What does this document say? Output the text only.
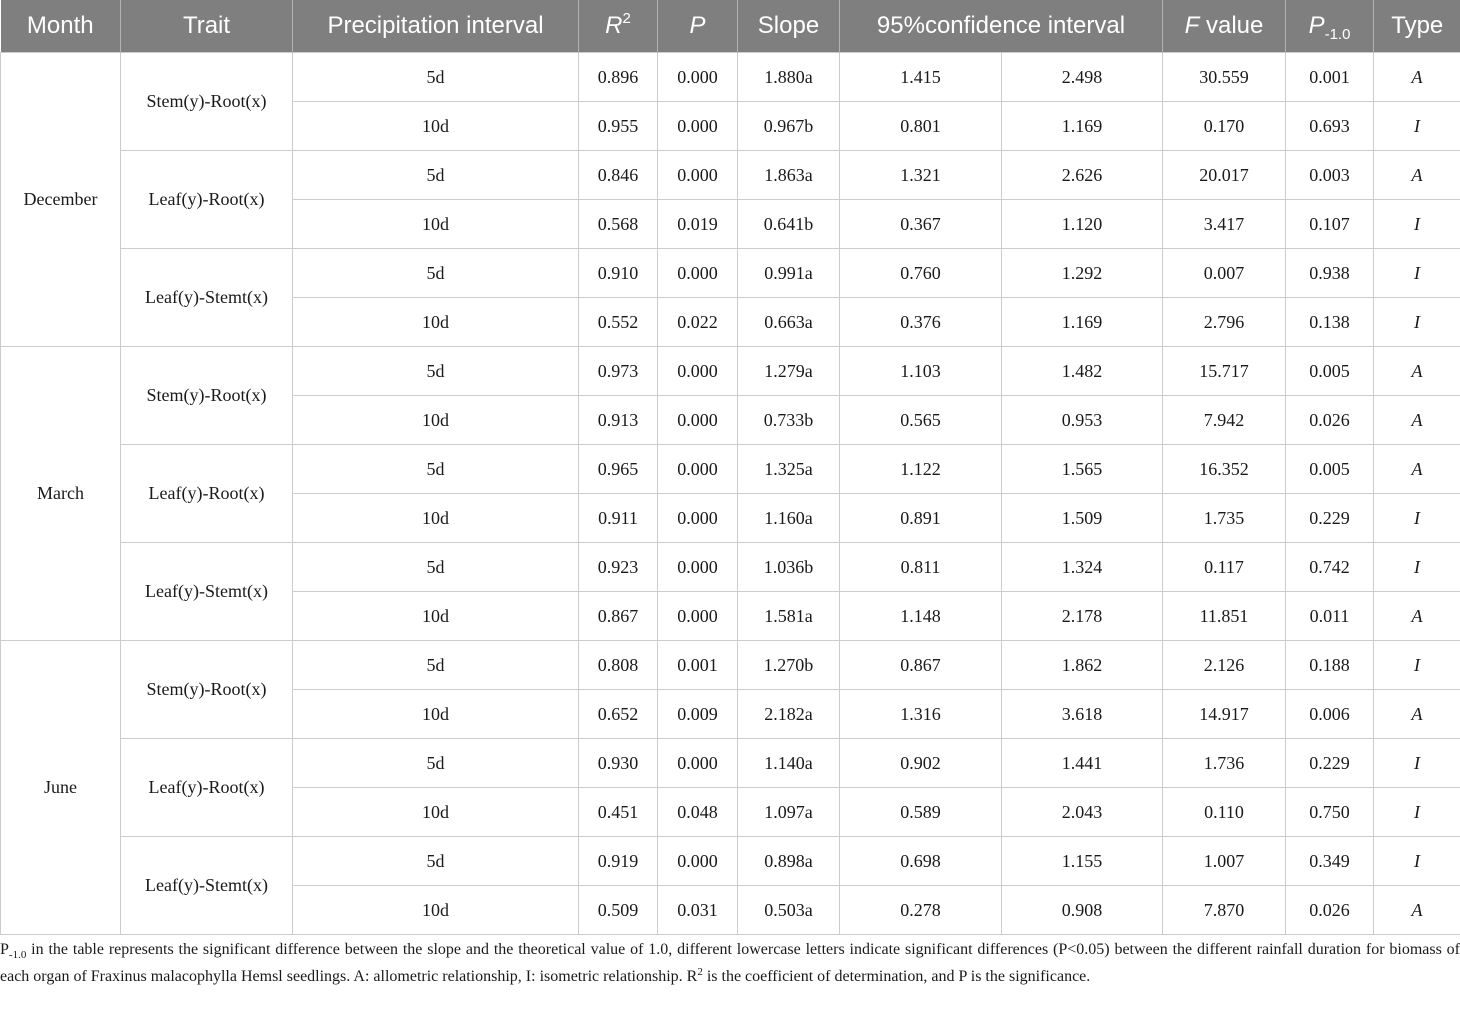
Month	Trait	Precipitation interval	$R^2$	P	Slope	95%confidence interval		F value	$P_{-1.0}$	Type
December	Stem(y)-Root(x)	5d	0.896	0.000	1.880a	1.415	2.498	30.559	0.001	A
		10d	0.955	0.000	0.967b	0.801	1.169	0.170	0.693	I
	Leaf(y)-Root(x)	5d	0.846	0.000	1.863a	1.321	2.626	20.017	0.003	A
		10d	0.568	0.019	0.641b	0.367	1.120	3.417	0.107	I
	Leaf(y)-Stemt(x)	5d	0.910	0.000	0.991a	0.760	1.292	0.007	0.938	I
		10d	0.552	0.022	0.663a	0.376	1.169	2.796	0.138	I
March	Stem(y)-Root(x)	5d	0.973	0.000	1.279a	1.103	1.482	15.717	0.005	A
		10d	0.913	0.000	0.733b	0.565	0.953	7.942	0.026	A
	Leaf(y)-Root(x)	5d	0.965	0.000	1.325a	1.122	1.565	16.352	0.005	A
		10d	0.911	0.000	1.160a	0.891	1.509	1.735	0.229	I
	Leaf(y)-Stemt(x)	5d	0.923	0.000	1.036b	0.811	1.324	0.117	0.742	I
		10d	0.867	0.000	1.581a	1.148	2.178	11.851	0.011	A
June	Stem(y)-Root(x)	5d	0.808	0.001	1.270b	0.867	1.862	2.126	0.188	I
		10d	0.652	0.009	2.182a	1.316	3.618	14.917	0.006	A
	Leaf(y)-Root(x)	5d	0.930	0.000	1.140a	0.902	1.441	1.736	0.229	I
		10d	0.451	0.048	1.097a	0.589	2.043	0.110	0.750	I
	Leaf(y)-Stemt(x)	5d	0.919	0.000	0.898a	0.698	1.155	1.007	0.349	I
		10d	0.509	0.031	0.503a	0.278	0.908	7.870	0.026	A

$P_{-1.0}$ in the table represents the significant difference between the slope and the theoretical value of 1.0, different lowercase letters indicate significant differences (P<0.05) between the different rainfall duration for biomass of each organ of Fraxinus malacophylla Hemsl seedlings. A: allometric relationship, I: isometric relationship. $R^2$ is the coefficient of determination, and P is the significance.
